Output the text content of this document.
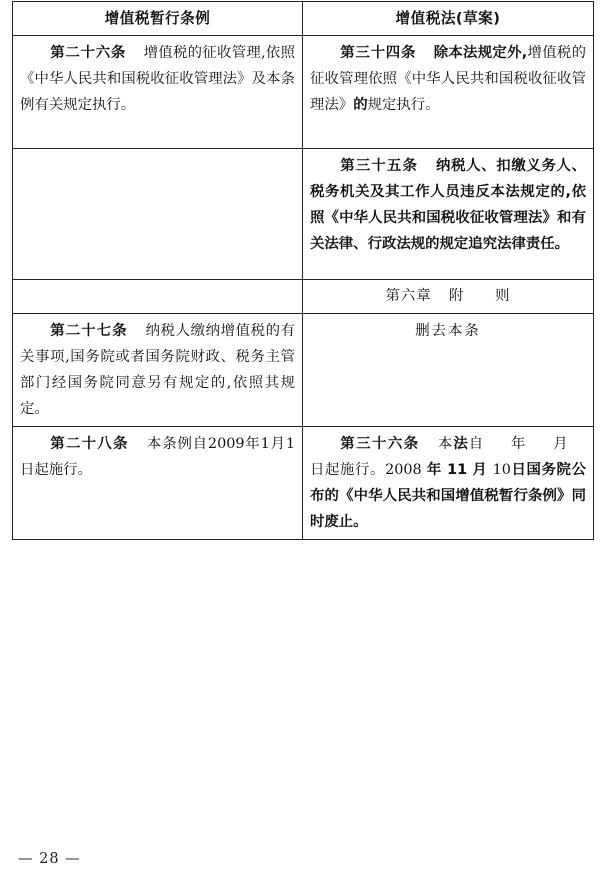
增值税暂行条例	增值税法(草案)
第二十六条 增值税的征收管理,依照《中华人民共和国税收征收管理法》及本条例有关规定执行。	第三十四条 除本法规定外,增值税的征收管理依照《中华人民共和国税收征收管理法》的规定执行。
	第三十五条 纳税人、扣缴义务人、税务机关及其工作人员违反本法规定的,依照《中华人民共和国税收征收管理法》和有关法律、行政法规的规定追究法律责任。
	第六章 附　　则
第二十七条 纳税人缴纳增值税的有关事项,国务院或者国务院财政、税务主管部门经国务院同意另有规定的,依照其规定。	删去本条
第二十八条 本条例自2009年1月1日起施行。	第三十六条 本法自 年 月日起施行。2008 年 11 月 10日国务院公布的《中华人民共和国增值税暂行条例》同时废止。
— 28 —
